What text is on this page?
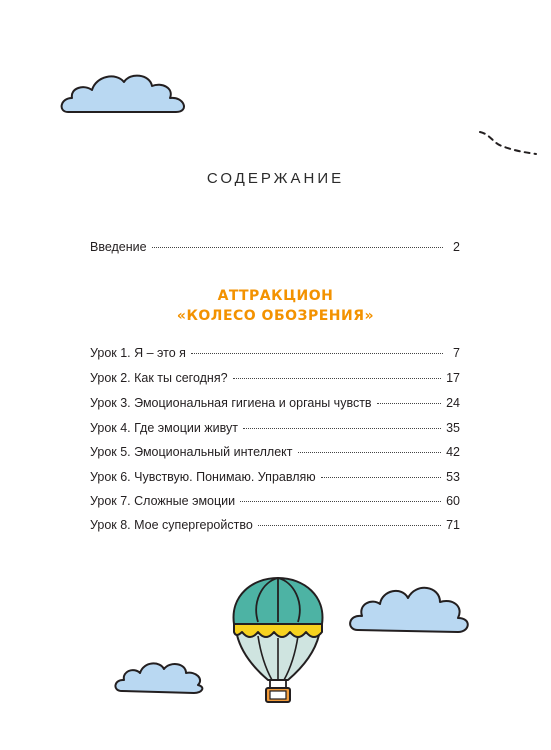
СОДЕРЖАНИЕ
Введение	2
АТТРАКЦИОН
«КОЛЕСО ОБОЗРЕНИЯ»
Урок 1. Я – это я	7
Урок 2. Как ты сегодня?	17
Урок 3. Эмоциональная гигиена и органы чувств	24
Урок 4. Где эмоции живут	35
Урок 5. Эмоциональный интеллект	42
Урок 6. Чувствую. Понимаю. Управляю	53
Урок 7. Сложные эмоции	60
Урок 8. Мое супергеройство	71
